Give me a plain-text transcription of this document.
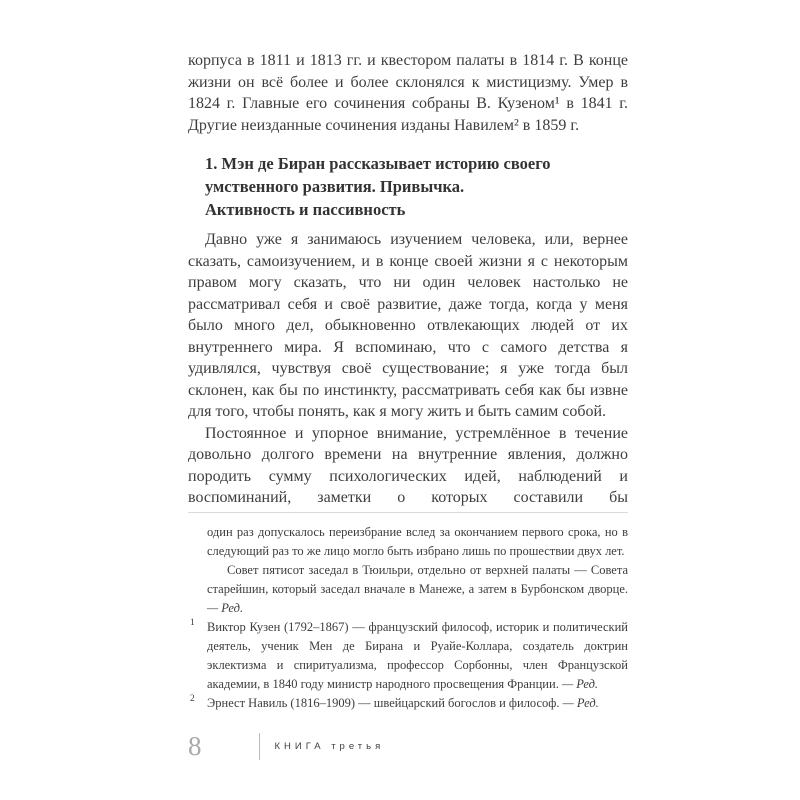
корпуса в 1811 и 1813 гг. и квестором палаты в 1814 г. В конце жизни он всё более и более склонялся к мистицизму. Умер в 1824 г. Главные его сочинения собраны В. Кузеном¹ в 1841 г. Другие неизданные сочинения изданы Навилем² в 1859 г.

1. Мэн де Биран рассказывает историю своего
умственного развития. Привычка.
Активность и пассивность

Давно уже я занимаюсь изучением человека, или, вернее сказать, самоизучением, и в конце своей жизни я с некоторым правом могу сказать, что ни один человек настолько не рассматривал себя и своё развитие, даже тогда, когда у меня было много дел, обыкновенно отвлекающих людей от их внутреннего мира. Я вспоминаю, что с самого детства я удивлялся, чувствуя своё существование; я уже тогда был склонен, как бы по инстинкту, рассматривать себя как бы извне для того, чтобы понять, как я могу жить и быть самим собой.

Постоянное и упорное внимание, устремлённое в течение довольно долгого времени на внутренние явления, должно породить сумму психологических идей, наблюдений и воспоминаний, заметки о которых составили бы

один раз допускалось переизбрание вслед за окончанием первого срока, но в следующий раз то же лицо могло быть избрано лишь по прошествии двух лет.

Совет пятисот заседал в Тюильри, отдельно от верхней палаты — Совета старейшин, который заседал вначале в Манеже, а затем в Бурбонском дворце. — Ред.

1 Виктор Кузен (1792–1867) — французский философ, историк и политический деятель, ученик Мен де Бирана и Руайе-Коллара, создатель доктрин эклектизма и спиритуализма, профессор Сорбонны, член Французской академии, в 1840 году министр народного просвещения Франции. — Ред.

2 Эрнест Навиль (1816–1909) — швейцарский богослов и философ. — Ред.

8	КНИГА третья
